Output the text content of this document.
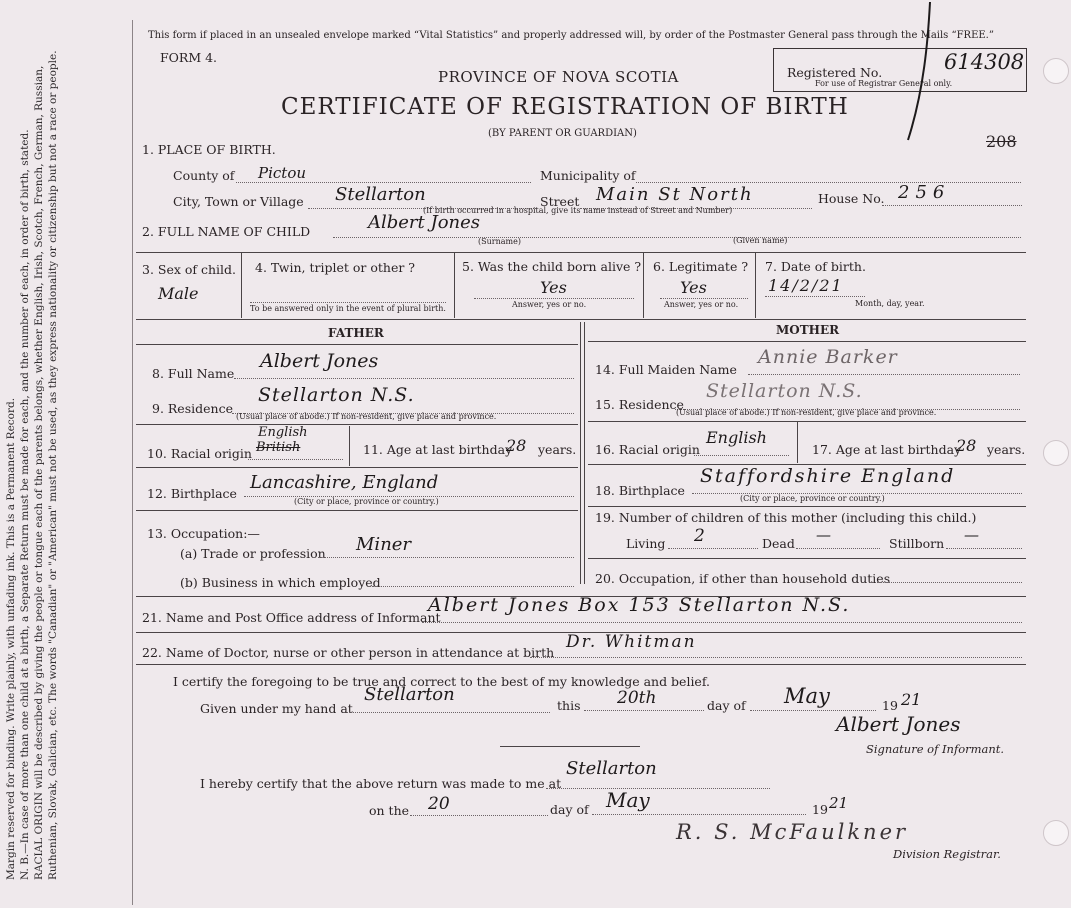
Margin reserved for binding. Write plainly, with unfading ink. This is a Permanent Record. N. B.—In case of more than one child at a birth, a Separate Return must be made for each, and the number of each, in order of birth, stated. RACIAL ORIGIN will be described by giving the people or tongue each of the parents belongs, whether English, Irish, Scotch, French, German, Russian, Ruthenian, Slovak, Galician, etc. The words "Canadian" or "American" must not be used, as they express nationality or citizenship but not a race or people.
This form if placed in an unsealed envelope marked “Vital Statistics” and properly addressed will, by order of the Postmaster General pass through the Mails “FREE.”
FORM 4.
PROVINCE OF NOVA SCOTIA
CERTIFICATE OF REGISTRATION OF BIRTH
(BY PARENT OR GUARDIAN)
Registered No.
For use of Registrar General only.
614308
208
1. PLACE OF BIRTH.
County of Pictou	Municipality of
City, Town or Village Stellarton	Street Main St North	House No. 256
(If birth occurred in a hospital, give its name instead of Street and Number)
2. FULL NAME OF CHILD	Albert Jones
(Surname)	(Given name)
3. Sex of child.
Male
4. Twin, triplet or other ?
To be answered only in the event of plural birth.
5. Was the child born alive ?
Yes
Answer, yes or no.
6. Legitimate ?
Yes
Answer, yes or no.
7. Date of birth.
14/2/21
Month, day, year.
FATHER	MOTHER
8. Full Name
Albert Jones
9. Residence
Stellarton N.S.
(Usual place of abode.) If non-resident, give place and province.
10. Racial origin
English
British	11. Age at last birthday
28 years.
12. Birthplace
Lancashire, England
(City or place, province or country.)
13. Occupation:—
(a) Trade or profession Miner
(b) Business in which employed
14. Full Maiden Name
Annie Barker
15. Residence
Stellarton N.S.
(Usual place of abode.) If non-resident, give place and province.
16. Racial origin
English
17. Age at last birthday
28 years.
18. Birthplace
Staffordshire England
(City or place, province or country.)
19. Number of children of this mother (including this child.)
Living 2	Dead —	Stillborn —
20. Occupation, if other than household duties
21. Name and Post Office address of Informant
Albert Jones Box 153 Stellarton N.S.
22. Name of Doctor, nurse or other person in attendance at birth
Dr. Whitman
I certify the foregoing to be true and correct to the best of my knowledge and belief.
Given under my hand at
Stellarton
this 20th	day of May	19 21
Albert Jones
Signature of Informant.
I hereby certify that the above return was made to me at
Stellarton
on the 20	day of May	19 21
R. S. McFaulkner
Division Registrar.
